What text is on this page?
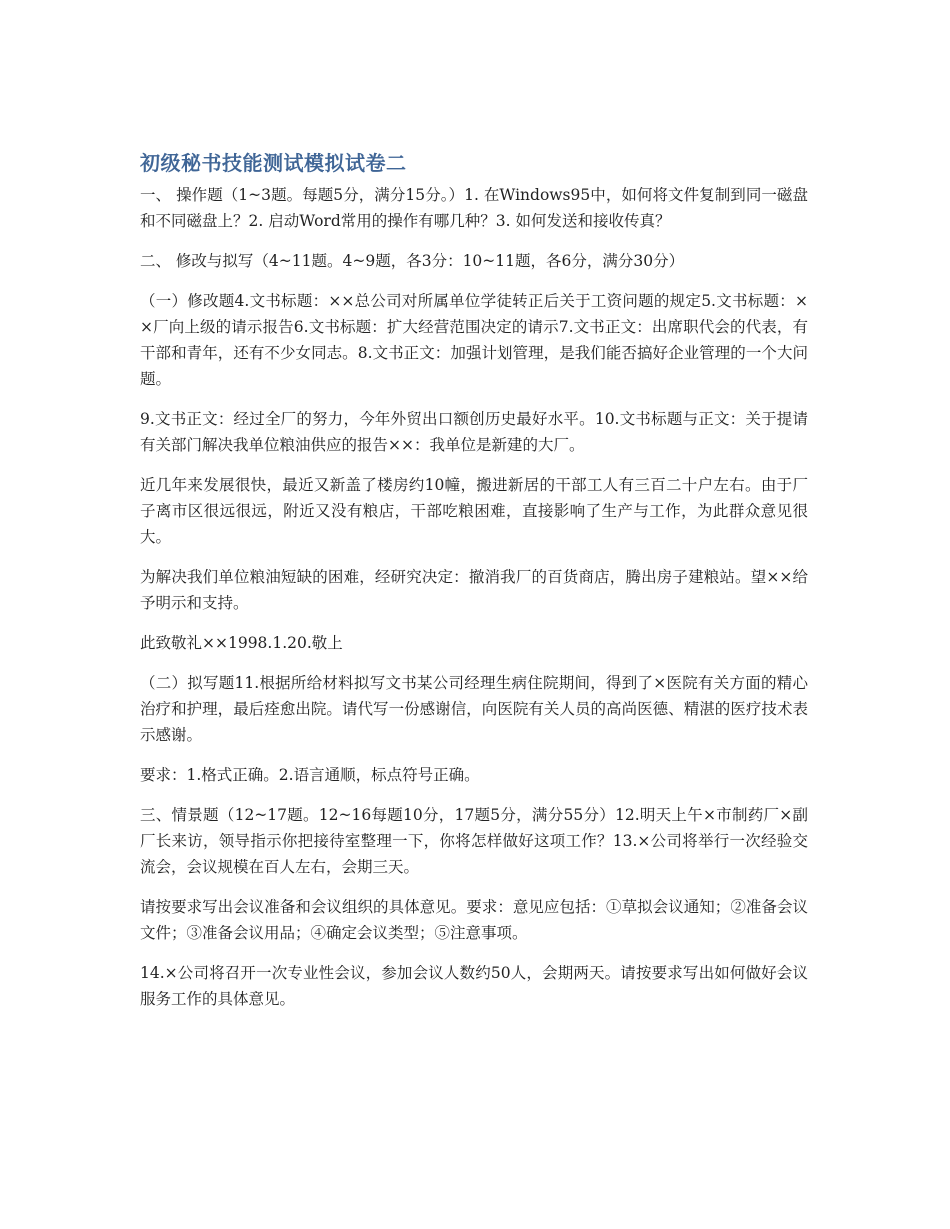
初级秘书技能测试模拟试卷二

一、 操作题（1~3题。每题5分，满分15分。）1. 在Windows95中，如何将文件复制到同一磁盘和不同磁盘上？2. 启动Word常用的操作有哪几种？3. 如何发送和接收传真？

二、 修改与拟写（4~11题。4~9题，各3分：10~11题，各6分，满分30分）

（一）修改题4.文书标题：××总公司对所属单位学徒转正后关于工资问题的规定5.文书标题：××厂向上级的请示报告6.文书标题：扩大经营范围决定的请示7.文书正文：出席职代会的代表，有干部和青年，还有不少女同志。8.文书正文：加强计划管理，是我们能否搞好企业管理的一个大问题。

9.文书正文：经过全厂的努力，今年外贸出口额创历史最好水平。10.文书标题与正文：关于提请有关部门解决我单位粮油供应的报告××：我单位是新建的大厂。

近几年来发展很快，最近又新盖了楼房约10幢，搬进新居的干部工人有三百二十户左右。由于厂子离市区很远很远，附近又没有粮店，干部吃粮困难，直接影响了生产与工作，为此群众意见很大。

为解决我们单位粮油短缺的困难，经研究决定：撤消我厂的百货商店，腾出房子建粮站。望××给予明示和支持。

此致敬礼××1998.1.20.敬上

（二）拟写题11.根据所给材料拟写文书某公司经理生病住院期间，得到了×医院有关方面的精心治疗和护理，最后痊愈出院。请代写一份感谢信，向医院有关人员的高尚医德、精湛的医疗技术表示感谢。

要求：1.格式正确。2.语言通顺，标点符号正确。

三、情景题（12~17题。12~16每题10分，17题5分，满分55分）12.明天上午×市制药厂×副厂长来访，领导指示你把接待室整理一下，你将怎样做好这项工作？13.×公司将举行一次经验交流会，会议规模在百人左右，会期三天。

请按要求写出会议准备和会议组织的具体意见。要求：意见应包括：①草拟会议通知；②准备会议文件；③准备会议用品；④确定会议类型；⑤注意事项。

14.×公司将召开一次专业性会议，参加会议人数约50人，会期两天。请按要求写出如何做好会议服务工作的具体意见。
